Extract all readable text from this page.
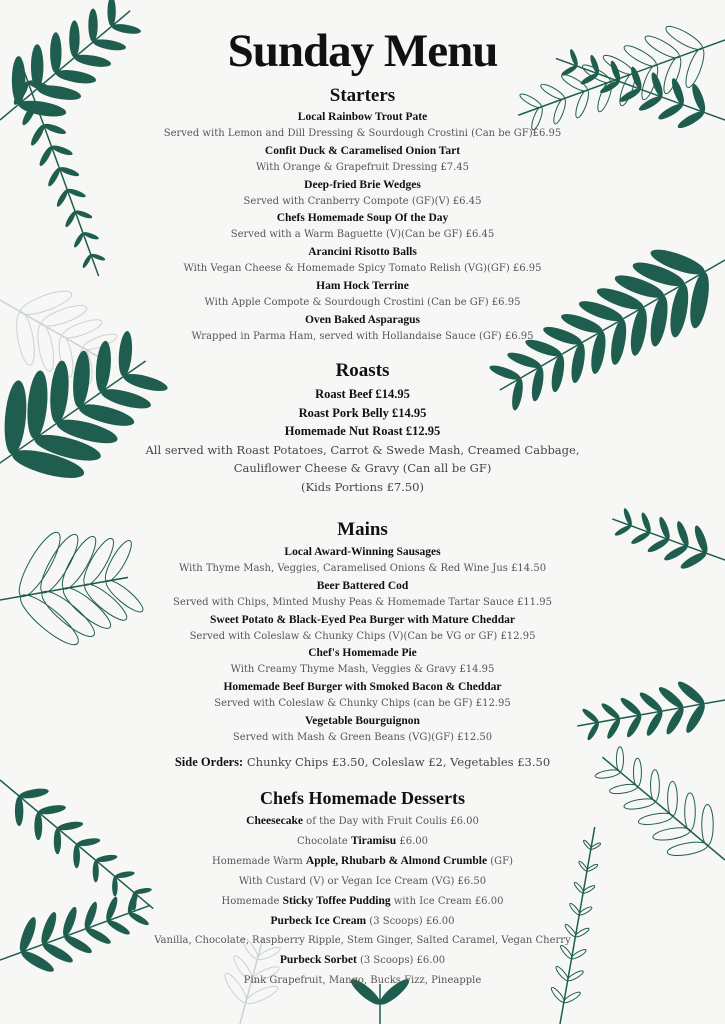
Sunday Menu
Starters
Local Rainbow Trout Pate
Served with Lemon and Dill Dressing & Sourdough Crostini (Can be GF)£6.95
Confit Duck & Caramelised Onion Tart
With Orange & Grapefruit Dressing £7.45
Deep-fried Brie Wedges
Served with Cranberry Compote (GF)(V) £6.45
Chefs Homemade Soup Of the Day
Served with a Warm Baguette (V)(Can be GF) £6.45
Arancini Risotto Balls
With Vegan Cheese & Homemade Spicy Tomato Relish (VG)(GF) £6.95
Ham Hock Terrine
With Apple Compote & Sourdough Crostini (Can be GF) £6.95
Oven Baked Asparagus
Wrapped in Parma Ham, served with Hollandaise Sauce (GF) £6.95
Roasts
Roast Beef £14.95
Roast Pork Belly £14.95
Homemade Nut Roast £12.95
All served with Roast Potatoes, Carrot & Swede Mash, Creamed Cabbage,
Cauliflower Cheese & Gravy (Can all be GF)
(Kids Portions £7.50)
Mains
Local Award-Winning Sausages
With Thyme Mash, Veggies, Caramelised Onions & Red Wine Jus £14.50
Beer Battered Cod
Served with Chips, Minted Mushy Peas & Homemade Tartar Sauce £11.95
Sweet Potato & Black-Eyed Pea Burger with Mature Cheddar
Served with Coleslaw & Chunky Chips (V)(Can be VG or GF) £12.95
Chef's Homemade Pie
With Creamy Thyme Mash, Veggies & Gravy £14.95
Homemade Beef Burger with Smoked Bacon & Cheddar
Served with Coleslaw & Chunky Chips (can be GF) £12.95
Vegetable Bourguignon
Served with Mash & Green Beans (VG)(GF) £12.50
Side Orders: Chunky Chips £3.50, Coleslaw £2, Vegetables £3.50
Chefs Homemade Desserts
Cheesecake of the Day with Fruit Coulis £6.00
Chocolate Tiramisu £6.00
Homemade Warm Apple, Rhubarb & Almond Crumble (GF)
With Custard (V) or Vegan Ice Cream (VG) £6.50
Homemade Sticky Toffee Pudding with Ice Cream £6.00
Purbeck Ice Cream (3 Scoops) £6.00
Vanilla, Chocolate, Raspberry Ripple, Stem Ginger, Salted Caramel, Vegan Cherry
Purbeck Sorbet (3 Scoops) £6.00
Pink Grapefruit, Mango, Bucks Fizz, Pineapple
